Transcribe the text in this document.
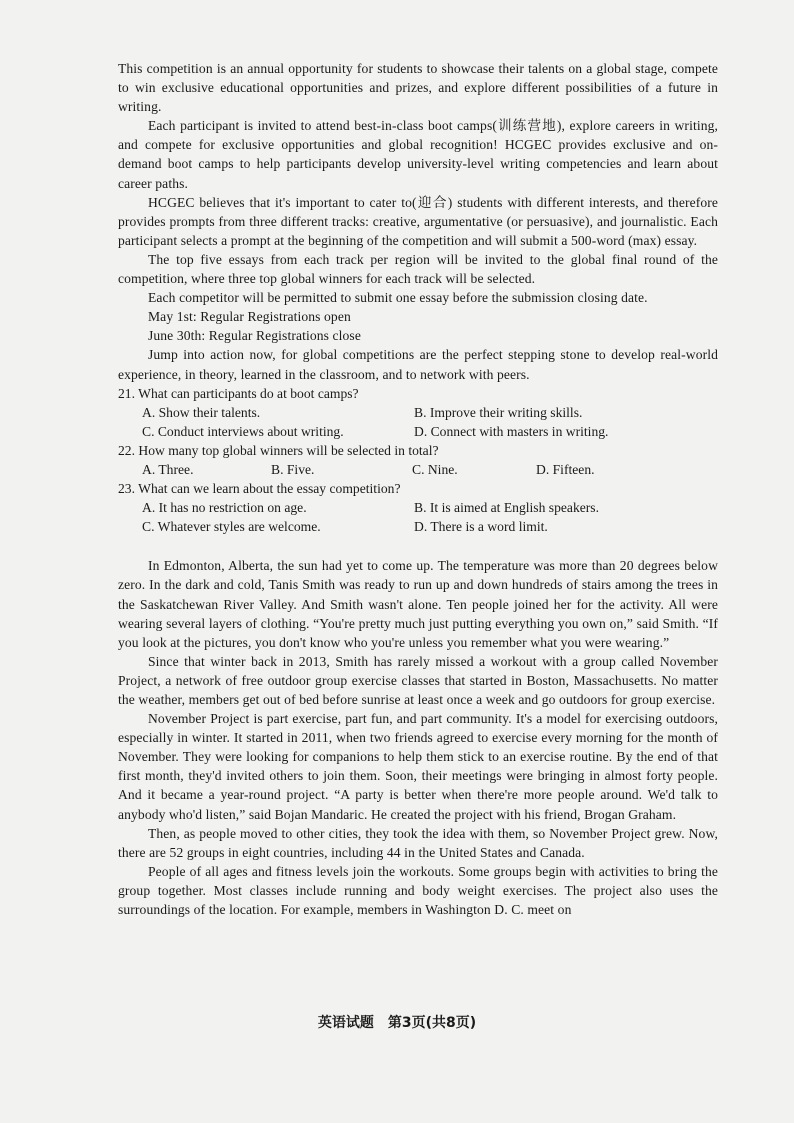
This competition is an annual opportunity for students to showcase their talents on a global stage, compete to win exclusive educational opportunities and prizes, and explore different possibilities of a future in writing.

Each participant is invited to attend best-in-class boot camps(训练营地), explore careers in writing, and compete for exclusive opportunities and global recognition! HCGEC provides exclusive and on-demand boot camps to help participants develop university-level writing competencies and learn about career paths.

HCGEC believes that it's important to cater to(迎合) students with different interests, and therefore provides prompts from three different tracks: creative, argumentative (or persuasive), and journalistic. Each participant selects a prompt at the beginning of the competition and will submit a 500-word (max) essay.

The top five essays from each track per region will be invited to the global final round of the competition, where three top global winners for each track will be selected.

Each competitor will be permitted to submit one essay before the submission closing date.

May 1st: Regular Registrations open

June 30th: Regular Registrations close

Jump into action now, for global competitions are the perfect stepping stone to develop real-world experience, in theory, learned in the classroom, and to network with peers.

21. What can participants do at boot camps?

A. Show their talents.	B. Improve their writing skills.
C. Conduct interviews about writing.	D. Connect with masters in writing.

22. How many top global winners will be selected in total?

A. Three.	B. Five.	C. Nine.	D. Fifteen.

23. What can we learn about the essay competition?

A. It has no restriction on age.	B. It is aimed at English speakers.
C. Whatever styles are welcome.	D. There is a word limit.

In Edmonton, Alberta, the sun had yet to come up. The temperature was more than 20 degrees below zero. In the dark and cold, Tanis Smith was ready to run up and down hundreds of stairs among the trees in the Saskatchewan River Valley. And Smith wasn't alone. Ten people joined her for the activity. All were wearing several layers of clothing. “You're pretty much just putting everything you own on,” said Smith. “If you look at the pictures, you don't know who you're unless you remember what you were wearing.”

Since that winter back in 2013, Smith has rarely missed a workout with a group called November Project, a network of free outdoor group exercise classes that started in Boston, Massachusetts. No matter the weather, members get out of bed before sunrise at least once a week and go outdoors for group exercise.

November Project is part exercise, part fun, and part community. It's a model for exercising outdoors, especially in winter. It started in 2011, when two friends agreed to exercise every morning for the month of November. They were looking for companions to help them stick to an exercise routine. By the end of that first month, they'd invited others to join them. Soon, their meetings were bringing in almost forty people. And it became a year-round project. “A party is better when there're more people around. We'd talk to anybody who'd listen,” said Bojan Mandaric. He created the project with his friend, Brogan Graham.

Then, as people moved to other cities, they took the idea with them, so November Project grew. Now, there are 52 groups in eight countries, including 44 in the United States and Canada.

People of all ages and fitness levels join the workouts. Some groups begin with activities to bring the group together. Most classes include running and body weight exercises. The project also uses the surroundings of the location. For example, members in Washington D. C. meet on

英语试题　第3页(共8页)
